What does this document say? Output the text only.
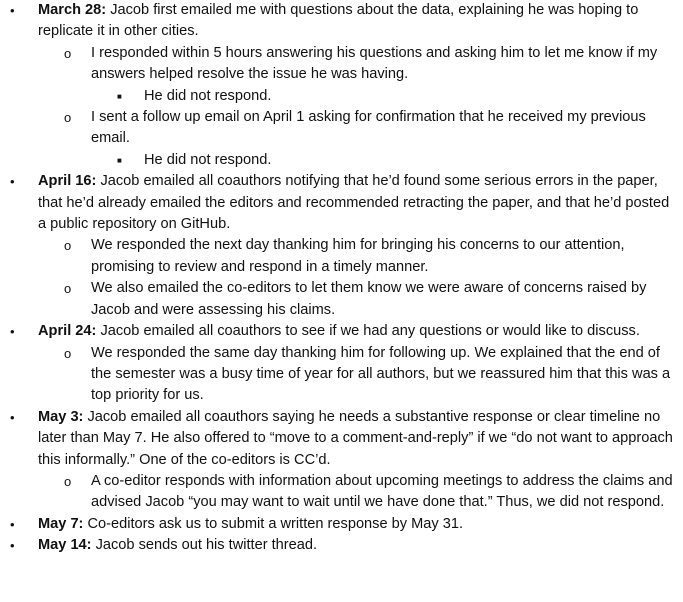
• March 28: Jacob first emailed me with questions about the data, explaining he was hoping to replicate it in other cities.
o I responded within 5 hours answering his questions and asking him to let me know if my answers helped resolve the issue he was having.
■ He did not respond.
o I sent a follow up email on April 1 asking for confirmation that he received my previous email.
■ He did not respond.
• April 16: Jacob emailed all coauthors notifying that he’d found some serious errors in the paper, that he’d already emailed the editors and recommended retracting the paper, and that he’d posted a public repository on GitHub.
o We responded the next day thanking him for bringing his concerns to our attention, promising to review and respond in a timely manner.
o We also emailed the co-editors to let them know we were aware of concerns raised by Jacob and were assessing his claims.
• April 24: Jacob emailed all coauthors to see if we had any questions or would like to discuss.
o We responded the same day thanking him for following up. We explained that the end of the semester was a busy time of year for all authors, but we reassured him that this was a top priority for us.
• May 3: Jacob emailed all coauthors saying he needs a substantive response or clear timeline no later than May 7. He also offered to “move to a comment-and-reply” if we “do not want to approach this informally.” One of the co-editors is CC’d.
o A co-editor responds with information about upcoming meetings to address the claims and advised Jacob “you may want to wait until we have done that.” Thus, we did not respond.
• May 7: Co-editors ask us to submit a written response by May 31.
• May 14: Jacob sends out his twitter thread.
